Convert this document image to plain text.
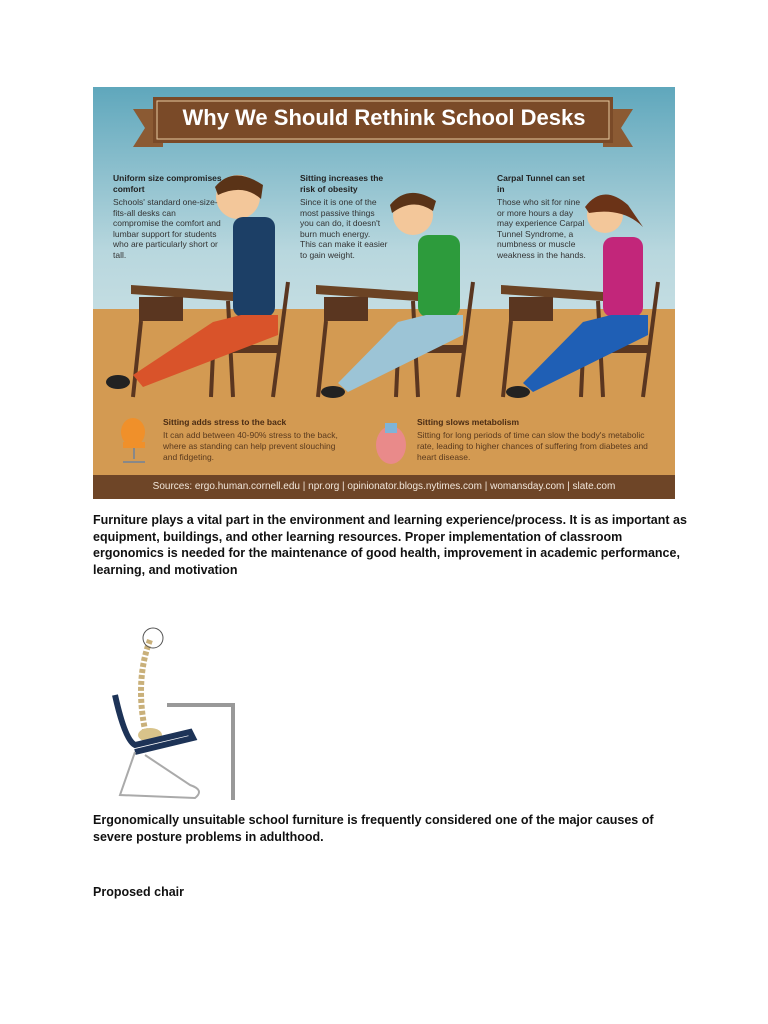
Why We Should Rethink School Desks
Uniform size compromises comfort
Schools' standard one-size-fits-all desks can compromise the comfort and lumbar support for students who are particularly short or tall.
Sitting increases the risk of obesity
Since it is one of the most passive things you can do, it doesn't burn much energy. This can make it easier to gain weight.
Carpal Tunnel can set in
Those who sit for nine or more hours a day may experience Carpal Tunnel Syndrome, a numbness or muscle weakness in the hands.
Sitting adds stress to the back
It can add between 40-90% stress to the back, where as standing can help prevent slouching and fidgeting.
Sitting slows metabolism
Sitting for long periods of time can slow the body's metabolic rate, leading to higher chances of suffering from diabetes and heart disease.
Sources: ergo.human.cornell.edu | npr.org | opinionator.blogs.nytimes.com | womansday.com | slate.com
Furniture plays a vital part in the environment and learning experience/process. It is as important as equipment, buildings, and other learning resources. Proper implementation of classroom ergonomics is needed for the maintenance of good health, improvement in academic performance, learning, and motivation
Ergonomically unsuitable school furniture is frequently considered one of the major causes of severe posture problems in adulthood.
Proposed chair
